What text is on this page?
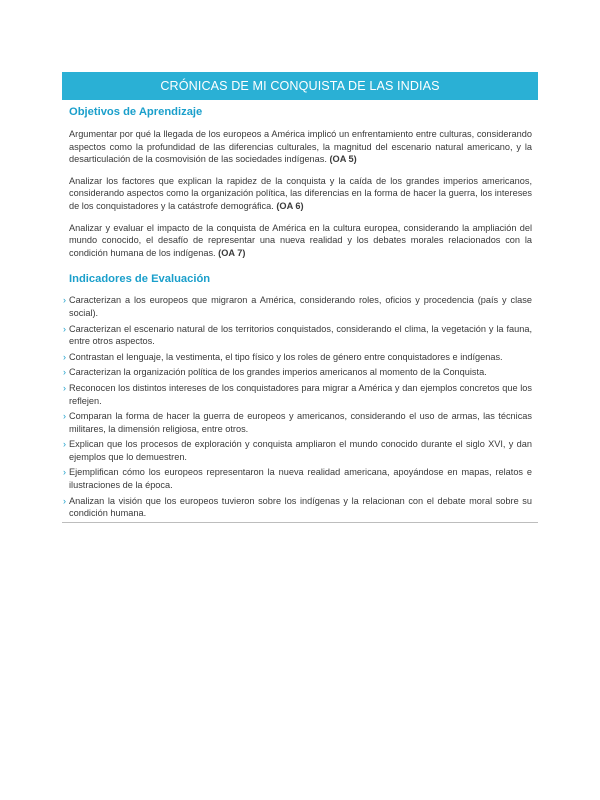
CRÓNICAS DE MI CONQUISTA DE LAS INDIAS
Objetivos de Aprendizaje

Argumentar por qué la llegada de los europeos a América implicó un enfrentamiento entre culturas, considerando aspectos como la profundidad de las diferencias culturales, la magnitud del escenario natural americano, y la desarticulación de la cosmovisión de las sociedades indígenas. (OA 5)

Analizar los factores que explican la rapidez de la conquista y la caída de los grandes imperios americanos, considerando aspectos como la organización política, las diferencias en la forma de hacer la guerra, los intereses de los conquistadores y la catástrofe demográfica. (OA 6)

Analizar y evaluar el impacto de la conquista de América en la cultura europea, considerando la ampliación del mundo conocido, el desafío de representar una nueva realidad y los debates morales relacionados con la condición humana de los indígenas. (OA 7)

Indicadores de Evaluación
› Caracterizan a los europeos que migraron a América, considerando roles, oficios y procedencia (país y clase social).
› Caracterizan el escenario natural de los territorios conquistados, considerando el clima, la vegetación y la fauna, entre otros aspectos.
› Contrastan el lenguaje, la vestimenta, el tipo físico y los roles de género entre conquistadores e indígenas.
› Caracterizan la organización política de los grandes imperios americanos al momento de la Conquista.
› Reconocen los distintos intereses de los conquistadores para migrar a América y dan ejemplos concretos que los reflejen.
› Comparan la forma de hacer la guerra de europeos y americanos, considerando el uso de armas, las técnicas militares, la dimensión religiosa, entre otros.
› Explican que los procesos de exploración y conquista ampliaron el mundo conocido durante el siglo XVI, y dan ejemplos que lo demuestren.
› Ejemplifican cómo los europeos representaron la nueva realidad americana, apoyándose en mapas, relatos e ilustraciones de la época.
› Analizan la visión que los europeos tuvieron sobre los indígenas y la relacionan con el debate moral sobre su condición humana.
